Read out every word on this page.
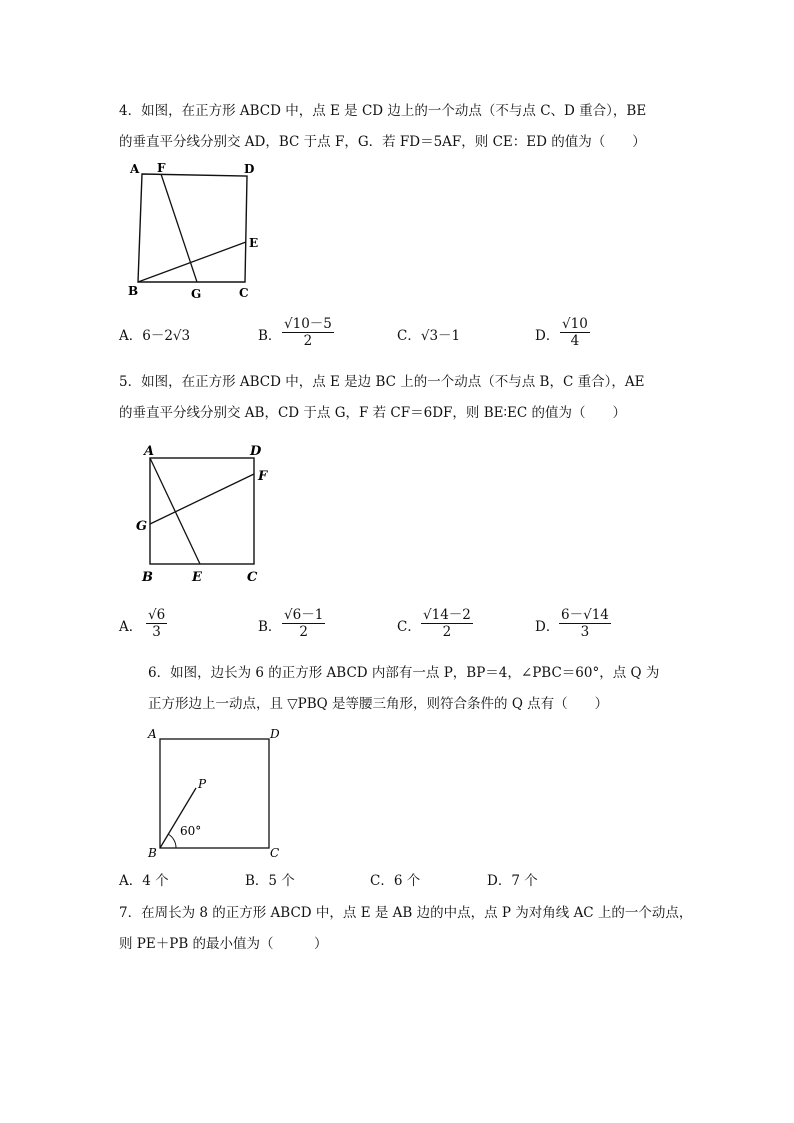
4．如图，在正方形 ABCD 中，点 E 是 CD 边上的一个动点（不与点 C、D 重合），BE
的垂直平分线分别交 AD，BC 于点 F，G．若 FD＝5AF，则 CE：ED 的值为（　　）
A F	D
E
B	G	C
A．6－2√3	B．
√10－5
2	C．√3－1	D．
√10
4
5．如图，在正方形 ABCD 中，点 E 是边 BC 上的一个动点（不与点 B，C 重合），AE
的垂直平分线分别交 AB，CD 于点 G，F 若 CF＝6DF，则 BE∶EC 的值为（　　）
A	D
F
G
B	E	C
A．
√6
3	B．
√6－1
2	C．
√14－2
2	D．
6－√14
3
6．如图，边长为 6 的正方形 ABCD 内部有一点 P，BP＝4，∠PBC＝60°，点 Q 为
正方形边上一动点，且 ▽PBQ 是等腰三角形，则符合条件的 Q 点有（　　）
A	D
P
60°
B	C
A．4 个	B．5 个	C．6 个	D．7 个
7．在周长为 8 的正方形 ABCD 中，点 E 是 AB 边的中点，点 P 为对角线 AC 上的一个动点，
则 PE＋PB 的最小值为（　　　）
